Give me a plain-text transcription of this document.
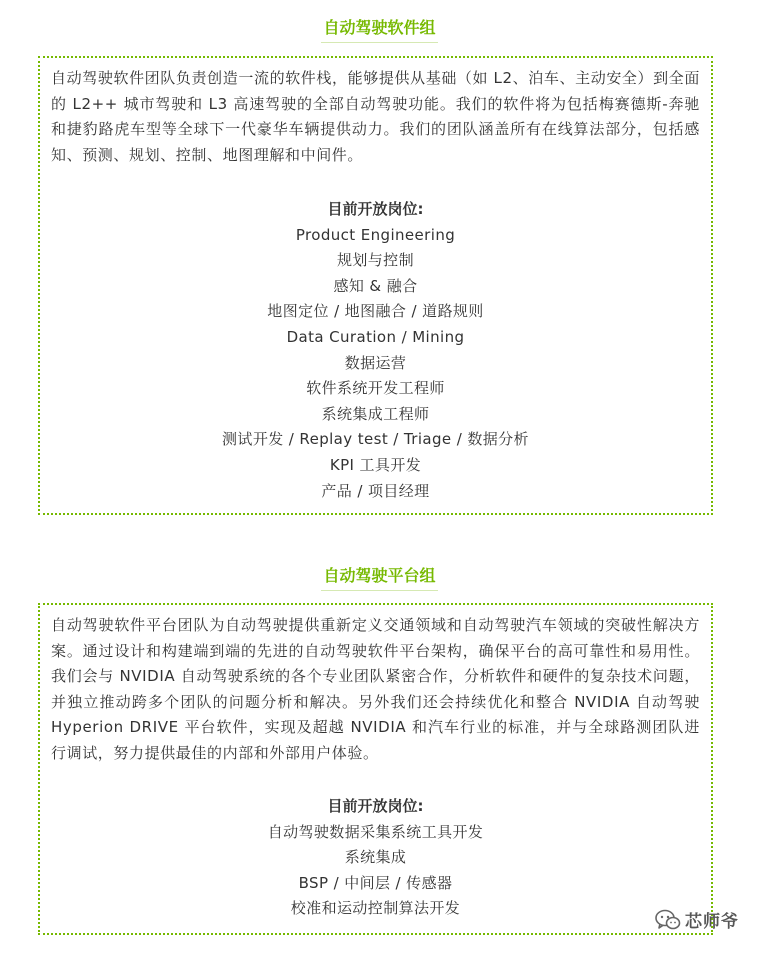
自动驾驶软件组

自动驾驶软件团队负责创造一流的软件栈，能够提供从基础（如 L2、泊车、主动安全）到全面的 L2++ 城市驾驶和 L3 高速驾驶的全部自动驾驶功能。我们的软件将为包括梅赛德斯-奔驰和捷豹路虎车型等全球下一代豪华车辆提供动力。我们的团队涵盖所有在线算法部分，包括感知、预测、规划、控制、地图理解和中间件。

目前开放岗位:
Product Engineering
规划与控制
感知 & 融合
地图定位 / 地图融合 / 道路规则
Data Curation / Mining
数据运营
软件系统开发工程师
系统集成工程师
测试开发 / Replay test / Triage / 数据分析
KPI 工具开发
产品 / 项目经理
自动驾驶平台组

自动驾驶软件平台团队为自动驾驶提供重新定义交通领域和自动驾驶汽车领域的突破性解决方案。通过设计和构建端到端的先进的自动驾驶软件平台架构，确保平台的高可靠性和易用性。我们会与 NVIDIA 自动驾驶系统的各个专业团队紧密合作，分析软件和硬件的复杂技术问题，并独立推动跨多个团队的问题分析和解决。另外我们还会持续优化和整合 NVIDIA 自动驾驶 Hyperion DRIVE 平台软件，实现及超越 NVIDIA 和汽车行业的标准，并与全球路测团队进行调试，努力提供最佳的内部和外部用户体验。

目前开放岗位:
自动驾驶数据采集系统工具开发
系统集成
BSP / 中间层 / 传感器
校准和运动控制算法开发
芯师爷
